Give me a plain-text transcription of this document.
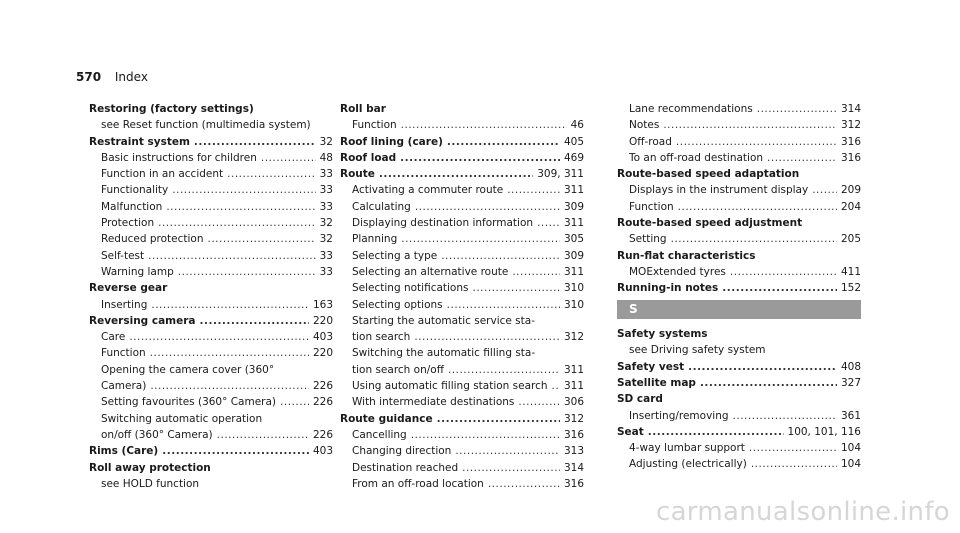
570 Index
Restoring (factory settings)
see Reset function (multimedia system)
Restraint system .....	32
Basic instructions for children .....	48
Function in an accident .....	33
Functionality .....	33
Malfunction .....	33
Protection .....	32
Reduced protection .....	32
Self-test .....	33
Warning lamp .....	33
Reverse gear
Inserting .....	163
Reversing camera .....	220
Care .....	403
Function .....	220
Opening the camera cover (360°
Camera) .....	226
Setting favourites (360° Camera) .....	226
Switching automatic operation
on/off (360° Camera) .....	226
Rims (Care) .....	403
Roll away protection
see HOLD function
Roll bar
Function .....	46
Roof lining (care) .....	405
Roof load .....	469
Route .....	309, 311
Activating a commuter route .....	311
Calculating .....	309
Displaying destination information .....	311
Planning .....	305
Selecting a type .....	309
Selecting an alternative route .....	311
Selecting notifications .....	310
Selecting options .....	310
Starting the automatic service sta-
tion search .....	312
Switching the automatic filling sta-
tion search on/off .....	311
Using automatic filling station search ..... 311
With intermediate destinations .....	306
Route guidance .....	312
Cancelling .....	316
Changing direction .....	313
Destination reached .....	314
From an off-road location .....	316
Lane recommendations .....	314
Notes .....	312
Off-road .....	316
To an off-road destination .....	316
Route-based speed adaptation
Displays in the instrument display .....	209
Function .....	204
Route-based speed adjustment
Setting .....	205
Run-flat characteristics
MOExtended tyres .....	411
Running-in notes .....	152
S
Safety systems
see Driving safety system
Safety vest .....	408
Satellite map .....	327
SD card
Inserting/removing .....	361
Seat .....	100, 101, 116
4-way lumbar support .....	104
Adjusting (electrically) .....	104
carmanualsonline.info
